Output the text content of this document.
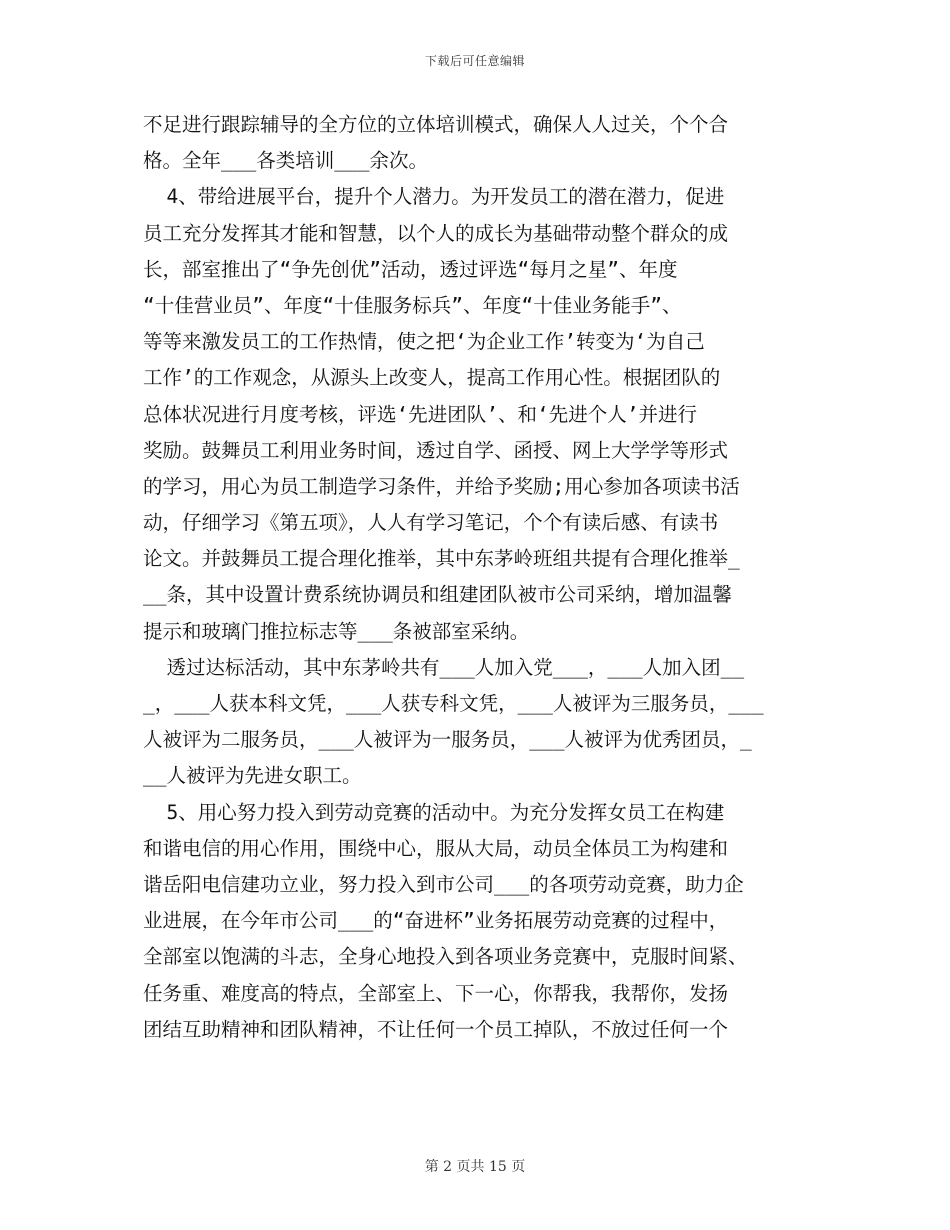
下载后可任意编辑
不足进行跟踪辅导的全方位的立体培训模式，确保人人过关，个个合
格。全年___各类培训___余次。
4、带给进展平台，提升个人潜力。为开发员工的潜在潜力，促进
员工充分发挥其才能和智慧，以个人的成长为基础带动整个群众的成
长，部室推出了“争先创优”活动，透过评选“每月之星”、年度
“十佳营业员”、年度“十佳服务标兵”、年度“十佳业务能手”、
等等来激发员工的工作热情，使之把‘为企业工作’转变为‘为自己
工作’的工作观念，从源头上改变人，提高工作用心性。根据团队的
总体状况进行月度考核，评选‘先进团队’、和‘先进个人’并进行
奖励。鼓舞员工利用业务时间，透过自学、函授、网上大学学等形式
的学习，用心为员工制造学习条件，并给予奖励;用心参加各项读书活
动，仔细学习《第五项》，人人有学习笔记，个个有读后感、有读书
论文。并鼓舞员工提合理化推举，其中东茅岭班组共提有合理化推举_
__条，其中设置计费系统协调员和组建团队被市公司采纳，增加温馨
提示和玻璃门推拉标志等___条被部室采纳。
透过达标活动，其中东茅岭共有___人加入党___，___人加入团__
_，___人获本科文凭，___人获专科文凭，___人被评为三服务员，___
人被评为二服务员，___人被评为一服务员，___人被评为优秀团员，_
__人被评为先进女职工。
5、用心努力投入到劳动竞赛的活动中。为充分发挥女员工在构建
和谐电信的用心作用，围绕中心，服从大局，动员全体员工为构建和
谐岳阳电信建功立业，努力投入到市公司___的各项劳动竞赛，助力企
业进展，在今年市公司___的“奋进杯”业务拓展劳动竞赛的过程中，
全部室以饱满的斗志，全身心地投入到各项业务竞赛中，克服时间紧、
任务重、难度高的特点，全部室上、下一心，你帮我，我帮你，发扬
团结互助精神和团队精神，不让任何一个员工掉队，不放过任何一个
第 2 页共 15 页
